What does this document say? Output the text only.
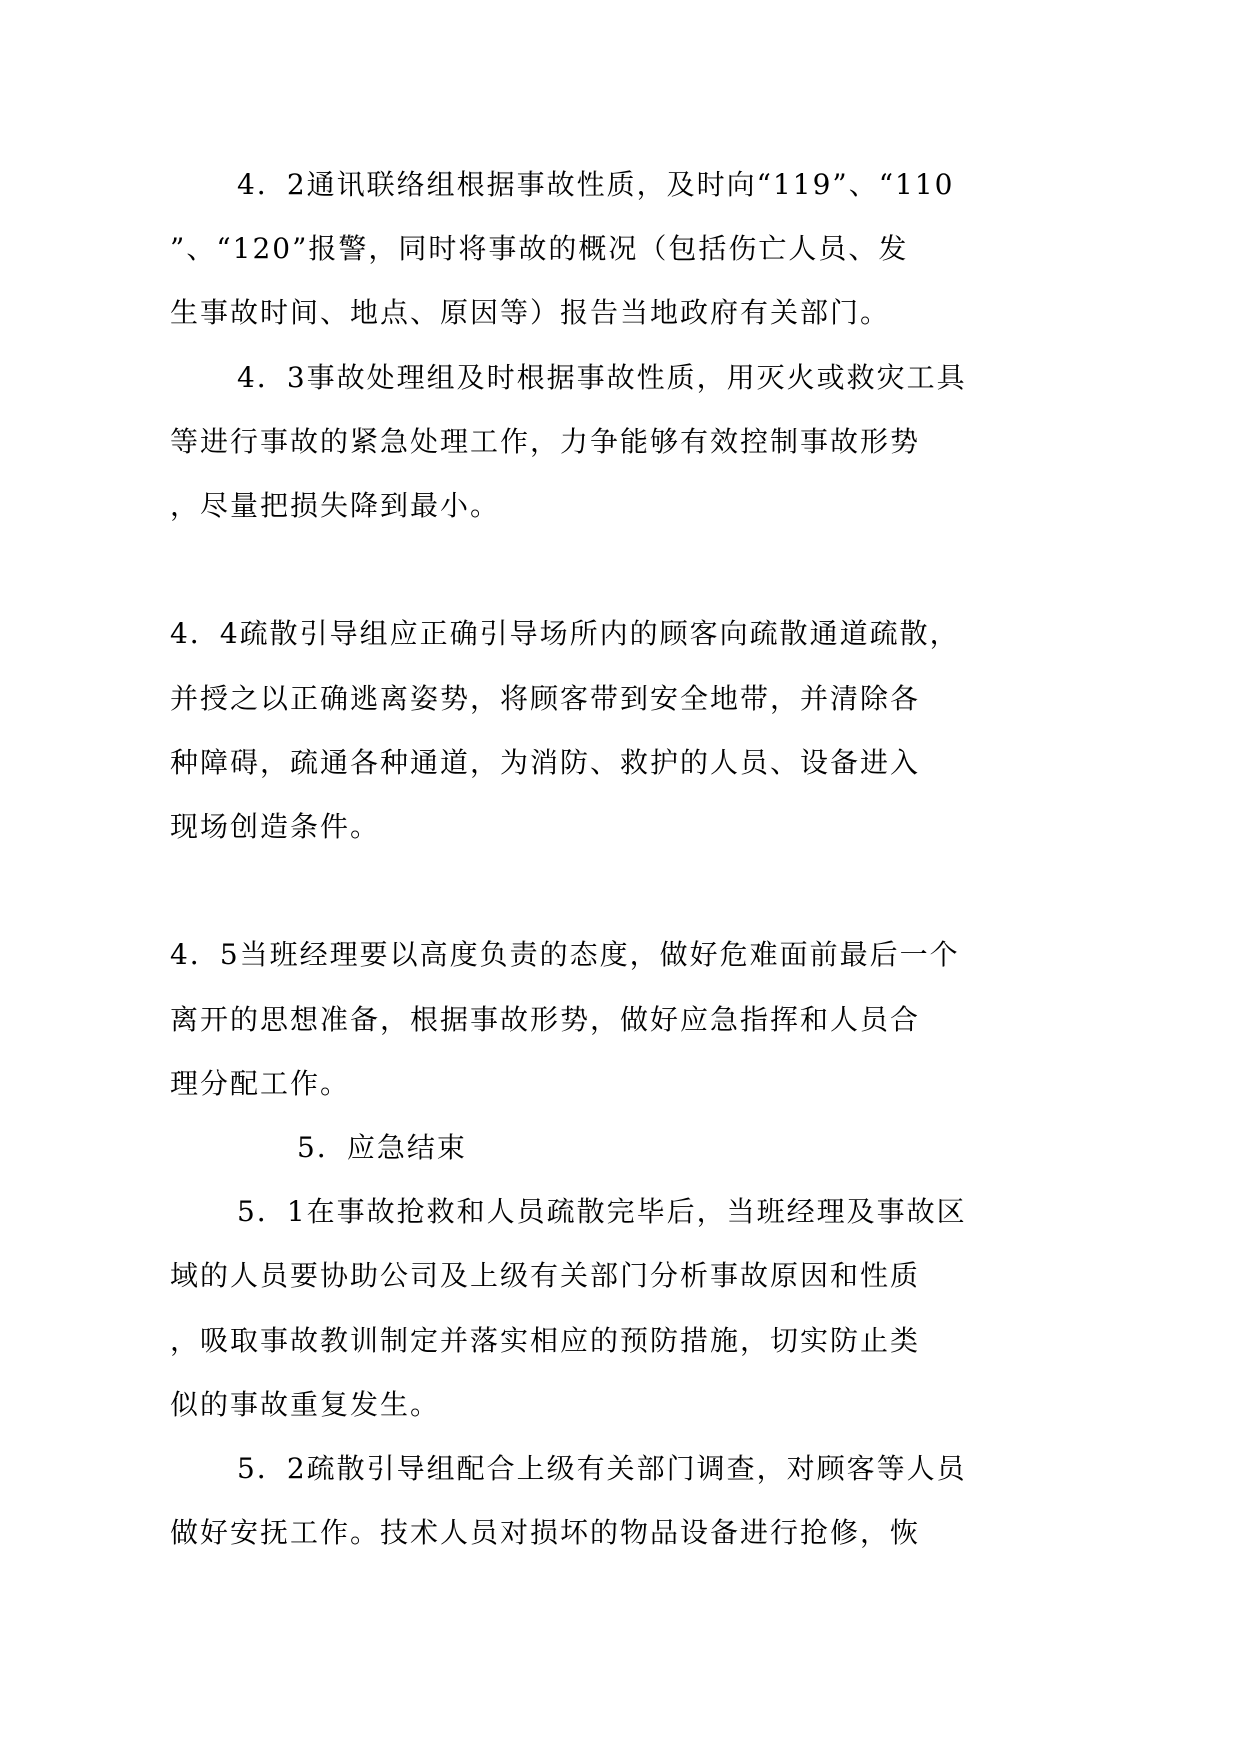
4．2通讯联络组根据事故性质，及时向“119”、“110
”、“120”报警，同时将事故的概况（包括伤亡人员、发
生事故时间、地点、原因等）报告当地政府有关部门。
4．3事故处理组及时根据事故性质，用灭火或救灾工具
等进行事故的紧急处理工作，力争能够有效控制事故形势
，尽量把损失降到最小。
4．4疏散引导组应正确引导场所内的顾客向疏散通道疏散，
并授之以正确逃离姿势，将顾客带到安全地带，并清除各
种障碍，疏通各种通道，为消防、救护的人员、设备进入
现场创造条件。
4．5当班经理要以高度负责的态度，做好危难面前最后一个
离开的思想准备，根据事故形势，做好应急指挥和人员合
理分配工作。
5．应急结束
5．1在事故抢救和人员疏散完毕后，当班经理及事故区
域的人员要协助公司及上级有关部门分析事故原因和性质
，吸取事故教训制定并落实相应的预防措施，切实防止类
似的事故重复发生。
5．2疏散引导组配合上级有关部门调查，对顾客等人员
做好安抚工作。技术人员对损坏的物品设备进行抢修，恢
